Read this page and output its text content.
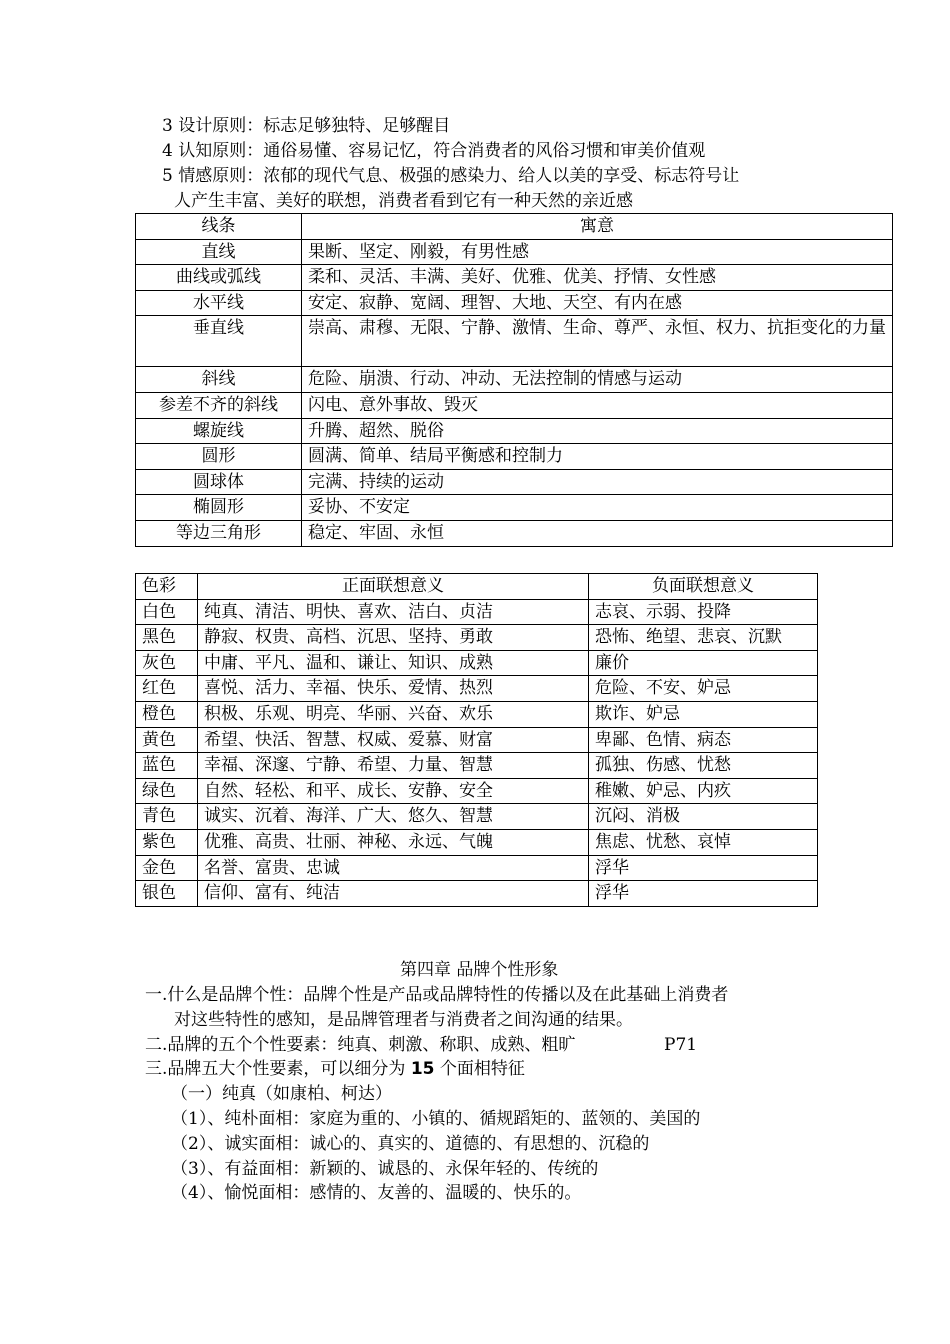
3 设计原则：标志足够独特、足够醒目
4 认知原则：通俗易懂、容易记忆，符合消费者的风俗习惯和审美价值观
5 情感原则：浓郁的现代气息、极强的感染力、给人以美的享受、标志符号让
人产生丰富、美好的联想，消费者看到它有一种天然的亲近感
线条	寓意
直线	果断、坚定、刚毅，有男性感
曲线或弧线	柔和、灵活、丰满、美好、优雅、优美、抒情、女性感
水平线	安定、寂静、宽阔、理智、大地、天空、有内在感
垂直线	崇高、肃穆、无限、宁静、激情、生命、尊严、永恒、权力、抗拒变化的力量
斜线	危险、崩溃、行动、冲动、无法控制的情感与运动
参差不齐的斜线	闪电、意外事故、毁灭
螺旋线	升腾、超然、脱俗
圆形	圆满、简单、结局平衡感和控制力
圆球体	完满、持续的运动
椭圆形	妥协、不安定
等边三角形	稳定、牢固、永恒
色彩	正面联想意义	负面联想意义
白色	纯真、清洁、明快、喜欢、洁白、贞洁	志哀、示弱、投降
黑色	静寂、权贵、高档、沉思、坚持、勇敢	恐怖、绝望、悲哀、沉默
灰色	中庸、平凡、温和、谦让、知识、成熟	廉价
红色	喜悦、活力、幸福、快乐、爱情、热烈	危险、不安、妒忌
橙色	积极、乐观、明亮、华丽、兴奋、欢乐	欺诈、妒忌
黄色	希望、快活、智慧、权威、爱慕、财富	卑鄙、色情、病态
蓝色	幸福、深邃、宁静、希望、力量、智慧	孤独、伤感、忧愁
绿色	自然、轻松、和平、成长、安静、安全	稚嫩、妒忌、内疚
青色	诚实、沉着、海洋、广大、悠久、智慧	沉闷、消极
紫色	优雅、高贵、壮丽、神秘、永远、气魄	焦虑、忧愁、哀悼
金色	名誉、富贵、忠诚	浮华
银色	信仰、富有、纯洁	浮华
第四章 品牌个性形象
一.什么是品牌个性：品牌个性是产品或品牌特性的传播以及在此基础上消费者
对这些特性的感知，是品牌管理者与消费者之间沟通的结果。
二.品牌的五个个性要素：纯真、刺激、称职、成熟、粗旷	P71
三.品牌五大个性要素，可以细分为 15 个面相特征
（一）纯真（如康柏、柯达）
（1）、纯朴面相：家庭为重的、小镇的、循规蹈矩的、蓝领的、美国的
（2）、诚实面相：诚心的、真实的、道德的、有思想的、沉稳的
（3）、有益面相：新颖的、诚恳的、永保年轻的、传统的
（4）、愉悦面相：感情的、友善的、温暖的、快乐的。
